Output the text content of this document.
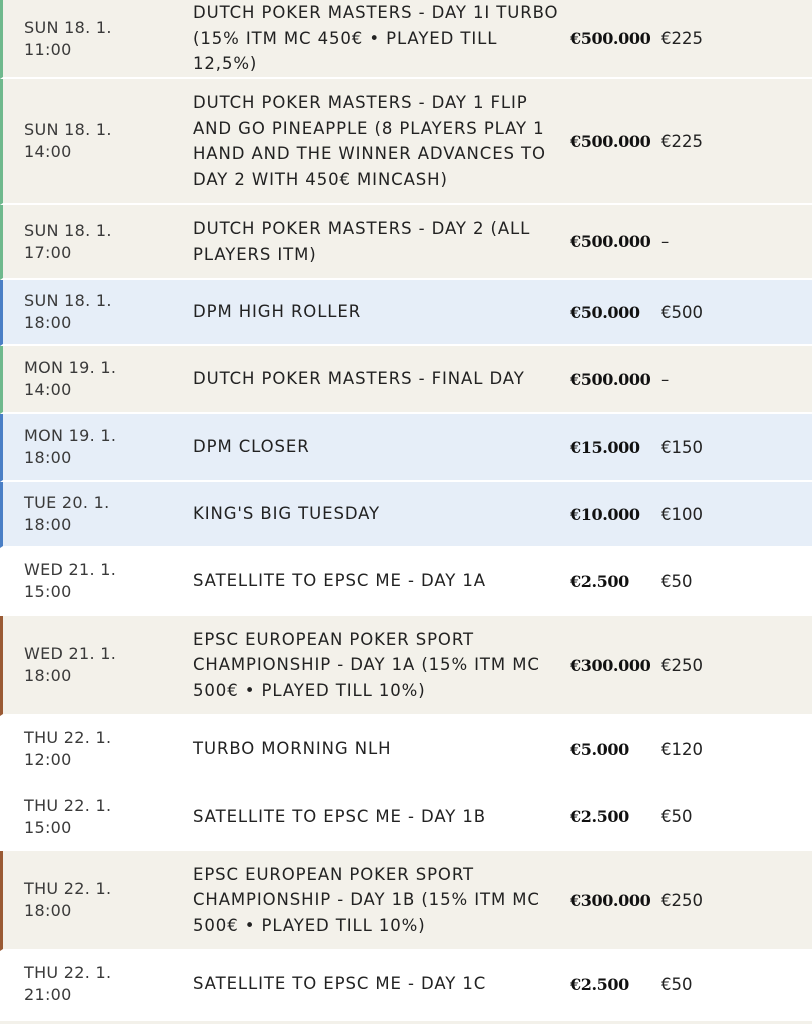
SUN 18. 1.
11:00
DUTCH POKER MASTERS - DAY 1I TURBO (15% ITM MC 450€ • PLAYED TILL 12,5%)
€500.000 €225
SUN 18. 1.
14:00
DUTCH POKER MASTERS - DAY 1 FLIP AND GO PINEAPPLE (8 PLAYERS PLAY 1 HAND AND THE WINNER ADVANCES TO DAY 2 WITH 450€ MINCASH)
€500.000 €225
SUN 18. 1.
17:00
DUTCH POKER MASTERS - DAY 2 (ALL PLAYERS ITM)
€500.000 –
SUN 18. 1.
18:00
DPM HIGH ROLLER	€50.000	€500
MON 19. 1.
14:00
DUTCH POKER MASTERS - FINAL DAY	€500.000 –
MON 19. 1.
18:00
DPM CLOSER	€15.000	€150
TUE 20. 1.
18:00
KING'S BIG TUESDAY	€10.000	€100
WED 21. 1.
15:00
SATELLITE TO EPSC ME - DAY 1A	€2.500	€50
WED 21. 1.
18:00
EPSC EUROPEAN POKER SPORT CHAMPIONSHIP - DAY 1A (15% ITM MC 500€ • PLAYED TILL 10%)
€300.000 €250
THU 22. 1.
12:00
TURBO MORNING NLH	€5.000	€120
THU 22. 1.
15:00
SATELLITE TO EPSC ME - DAY 1B	€2.500	€50
THU 22. 1.
18:00
EPSC EUROPEAN POKER SPORT CHAMPIONSHIP - DAY 1B (15% ITM MC 500€ • PLAYED TILL 10%)
€300.000 €250
THU 22. 1.
21:00
SATELLITE TO EPSC ME - DAY 1C	€2.500	€50
